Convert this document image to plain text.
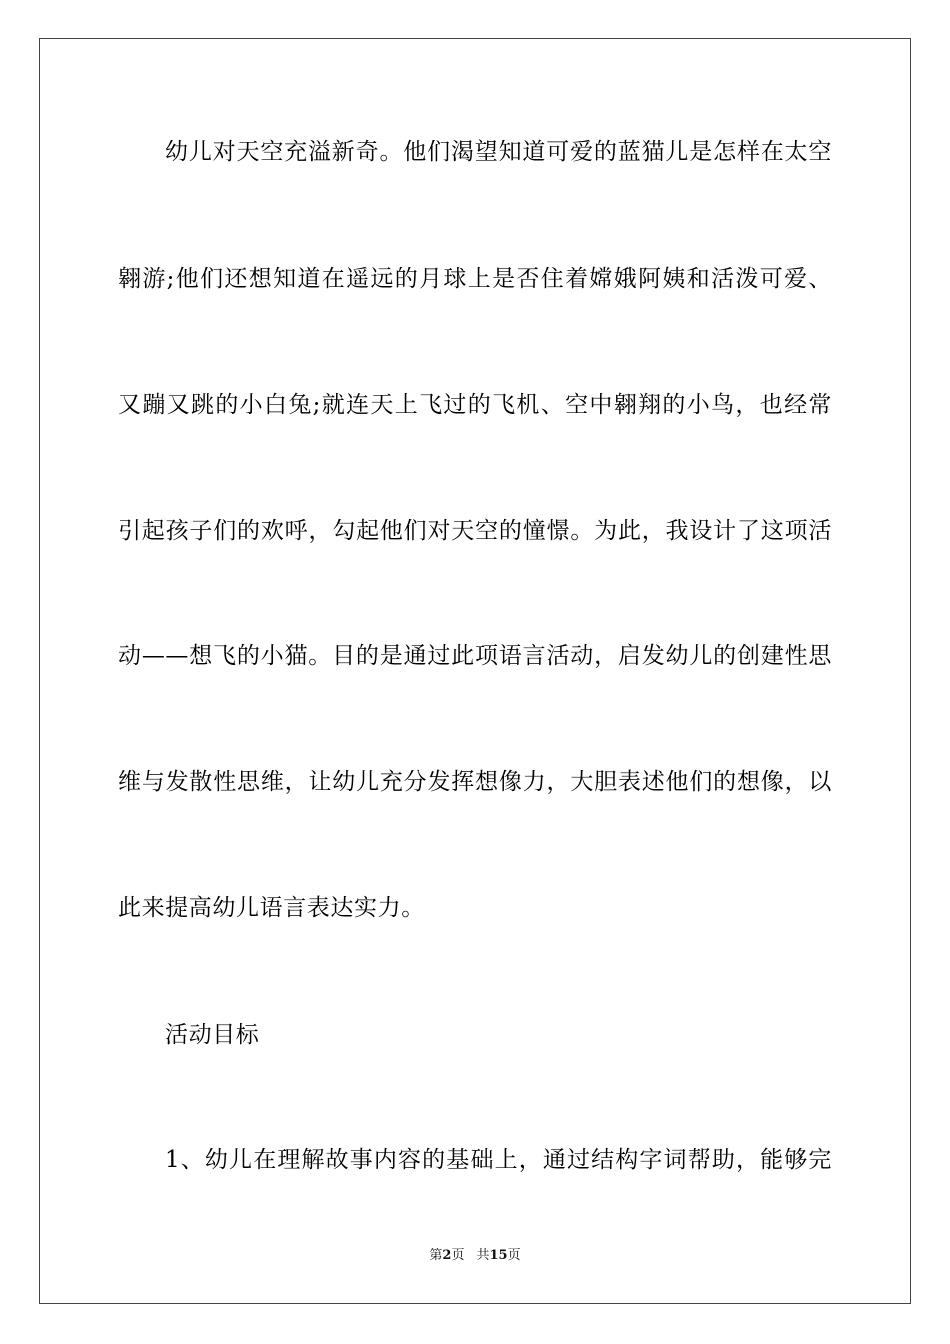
幼儿对天空充溢新奇。他们渴望知道可爱的蓝猫儿是怎样在太空
翱游;他们还想知道在遥远的月球上是否住着嫦娥阿姨和活泼可爱、
又蹦又跳的小白兔;就连天上飞过的飞机、空中翱翔的小鸟，也经常
引起孩子们的欢呼，勾起他们对天空的憧憬。为此，我设计了这项活
动——想飞的小猫。目的是通过此项语言活动，启发幼儿的创建性思
维与发散性思维，让幼儿充分发挥想像力，大胆表述他们的想像，以
此来提高幼儿语言表达实力。
活动目标
1、幼儿在理解故事内容的基础上，通过结构字词帮助，能够完
第2页 共15页
